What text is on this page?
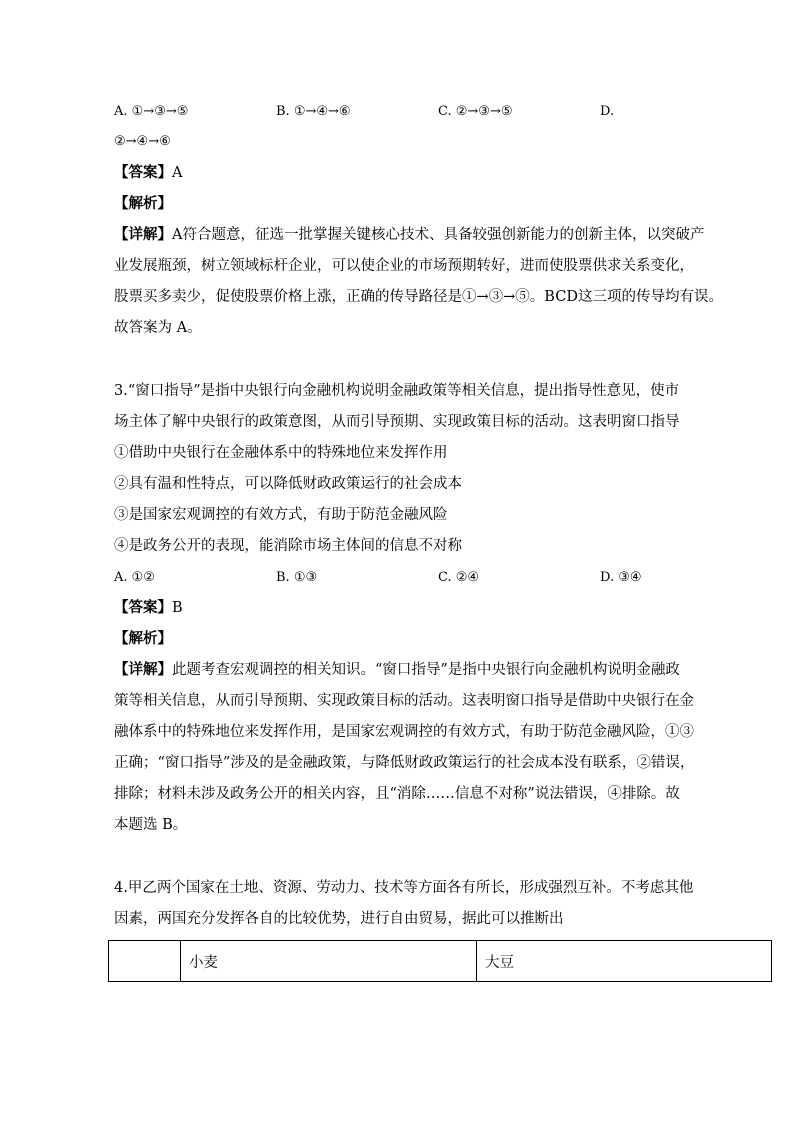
A. ①→③→⑤	B. ①→④→⑥	C. ②→③→⑤	D.
②→④→⑥
【答案】A
【解析】
【详解】A符合题意，征选一批掌握关键核心技术、具备较强创新能力的创新主体，以突破产
业发展瓶颈，树立领域标杆企业，可以使企业的市场预期转好，进而使股票供求关系变化，
股票买多卖少，促使股票价格上涨，正确的传导路径是①→③→⑤。BCD这三项的传导均有误。
故答案为 A。
3.“窗口指导”是指中央银行向金融机构说明金融政策等相关信息，提出指导性意见，使市
场主体了解中央银行的政策意图，从而引导预期、实现政策目标的活动。这表明窗口指导
①借助中央银行在金融体系中的特殊地位来发挥作用
②具有温和性特点，可以降低财政政策运行的社会成本
③是国家宏观调控的有效方式，有助于防范金融风险
④是政务公开的表现，能消除市场主体间的信息不对称
A. ①②	B. ①③	C. ②④	D. ③④
【答案】B
【解析】
【详解】此题考查宏观调控的相关知识。“窗口指导”是指中央银行向金融机构说明金融政
策等相关信息，从而引导预期、实现政策目标的活动。这表明窗口指导是借助中央银行在金
融体系中的特殊地位来发挥作用，是国家宏观调控的有效方式，有助于防范金融风险，①③
正确；“窗口指导”涉及的是金融政策，与降低财政政策运行的社会成本没有联系，②错误，
排除；材料未涉及政务公开的相关内容，且“消除……信息不对称”说法错误，④排除。故
本题选 B。
4.甲乙两个国家在土地、资源、劳动力、技术等方面各有所长，形成强烈互补。不考虑其他
因素，两国充分发挥各自的比较优势，进行自由贸易，据此可以推断出
	小麦	大豆
